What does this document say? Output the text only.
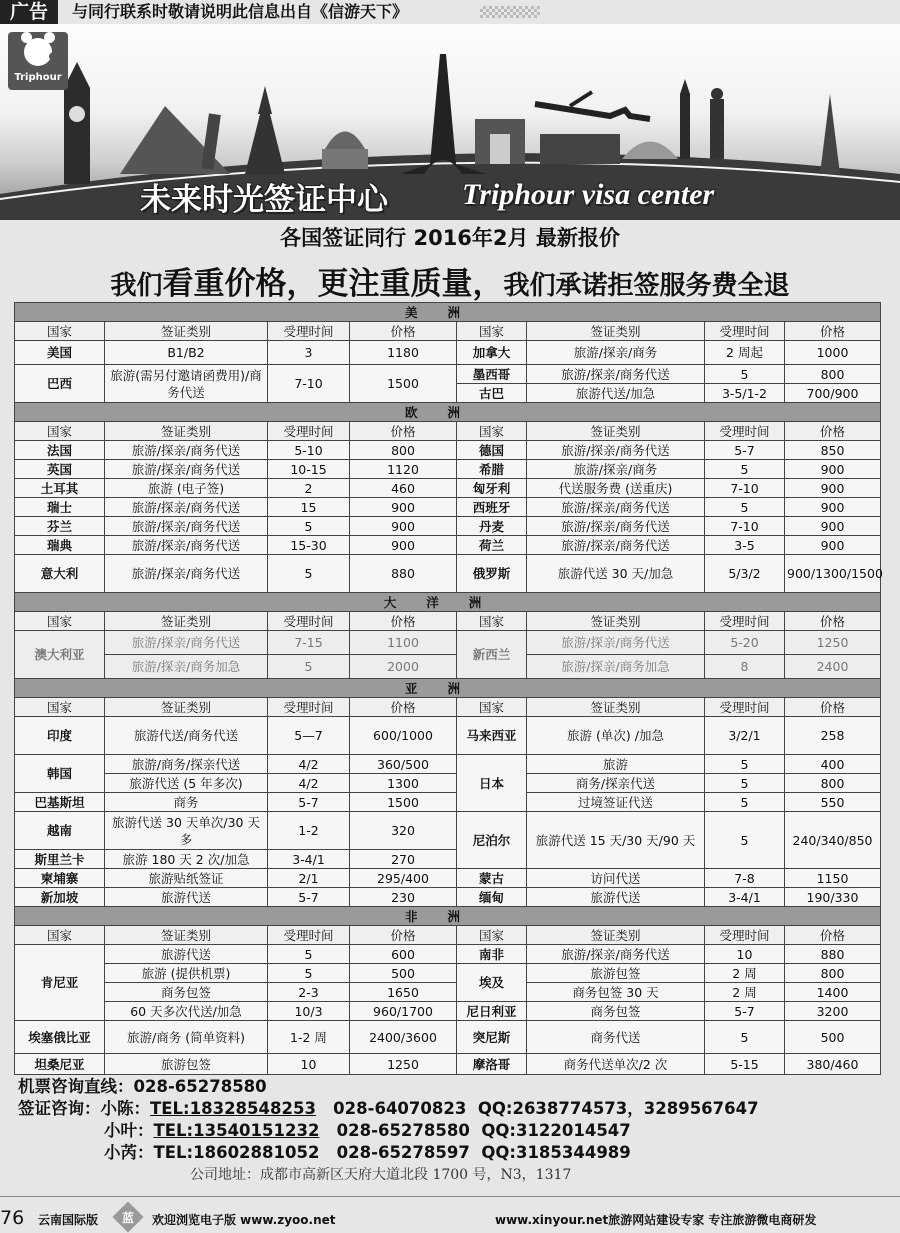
广告	与同行联系时敬请说明此信息出自《信游天下》
Triphour
未来时光签证中心 Triphour visa center
各国签证同行 2016年2月 最新报价
我们看重价格，更注重质量，我们承诺拒签服务费全退
美洲							
国家	签证类别	受理时间	价格	国家	签证类别	受理时间	价格
美国	B1/B2	3	1180	加拿大	旅游/探亲/商务	2 周起	1000
巴西	旅游(需另付邀请函费用)/商务代送	7-10	1500	墨西哥	旅游/探亲/商务代送	5	800
				古巴	旅游代送/加急	3-5/1-2	700/900
欧洲							
国家	签证类别	受理时间	价格	国家	签证类别	受理时间	价格
法国	旅游/探亲/商务代送	5-10	800	德国	旅游/探亲/商务代送	5-7	850
英国	旅游/探亲/商务代送	10-15	1120	希腊	旅游/探亲/商务	5	900
土耳其	旅游 (电子签)	2	460	匈牙利	代送服务费 (送重庆)	7-10	900
瑞士	旅游/探亲/商务代送	15	900	西班牙	旅游/探亲/商务代送	5	900
芬兰	旅游/探亲/商务代送	5	900	丹麦	旅游/探亲/商务代送	7-10	900
瑞典	旅游/探亲/商务代送	15-30	900	荷兰	旅游/探亲/商务代送	3-5	900
意大利	旅游/探亲/商务代送	5	880	俄罗斯	旅游代送 30 天/加急	5/3/2	900/1300/1500
大洋洲							
国家	签证类别	受理时间	价格	国家	签证类别	受理时间	价格
澳大利亚	旅游/探亲/商务代送	7-15	1100	新西兰	旅游/探亲/商务代送	5-20	1250
	旅游/探亲/商务加急	5	2000		旅游/探亲/商务加急	8	2400
亚洲							
国家	签证类别	受理时间	价格	国家	签证类别	受理时间	价格
印度	旅游代送/商务代送	5—7	600/1000	马来西亚	旅游 (单次) /加急	3/2/1	258
韩国	旅游/商务/探亲代送	4/2	360/500	日本	旅游	5	400
	旅游代送 (5 年多次)	4/2	1300		商务/探亲代送	5	800
巴基斯坦	商务	5-7	1500		过境签证代送	5	550
越南	旅游代送 30 天单次/30 天多	1-2	320	尼泊尔	旅游代送 15 天/30 天/90 天	5	240/340/850
斯里兰卡	旅游 180 天 2 次/加急	3-4/1	270				
柬埔寨	旅游贴纸签证	2/1	295/400	蒙古	访问代送	7-8	1150
新加坡	旅游代送	5-7	230	缅甸	旅游代送	3-4/1	190/330
非洲							
国家	签证类别	受理时间	价格	国家	签证类别	受理时间	价格
肯尼亚	旅游代送	5	600	南非	旅游/探亲/商务代送	10	880
	旅游 (提供机票)	5	500	埃及	旅游包签	2 周	800
	商务包签	2-3	1650		商务包签 30 天	2 周	1400
	60 天多次代送/加急	10/3	960/1700	尼日利亚	商务包签	5-7	3200
埃塞俄比亚	旅游/商务 (简单资料)	1-2 周	2400/3600	突尼斯	商务代送	5	500
坦桑尼亚	旅游包签	10	1250	摩洛哥	商务代送单次/2 次	5-15	380/460
机票咨询直线：028-65278580
签证咨询：小陈：TEL:18328548253 028-64070823 QQ:2638774573，3289567647
小叶：TEL:13540151232 028-65278580 QQ:3122014547
小芮：TEL:18602881052 028-65278597 QQ:3185344989
公司地址：成都市高新区天府大道北段 1700 号，N3，1317
76 云南国际版 蓝 欢迎浏览电子版 www.zyoo.net	www.xinyour.net旅游网站建设专家 专注旅游微电商研发
